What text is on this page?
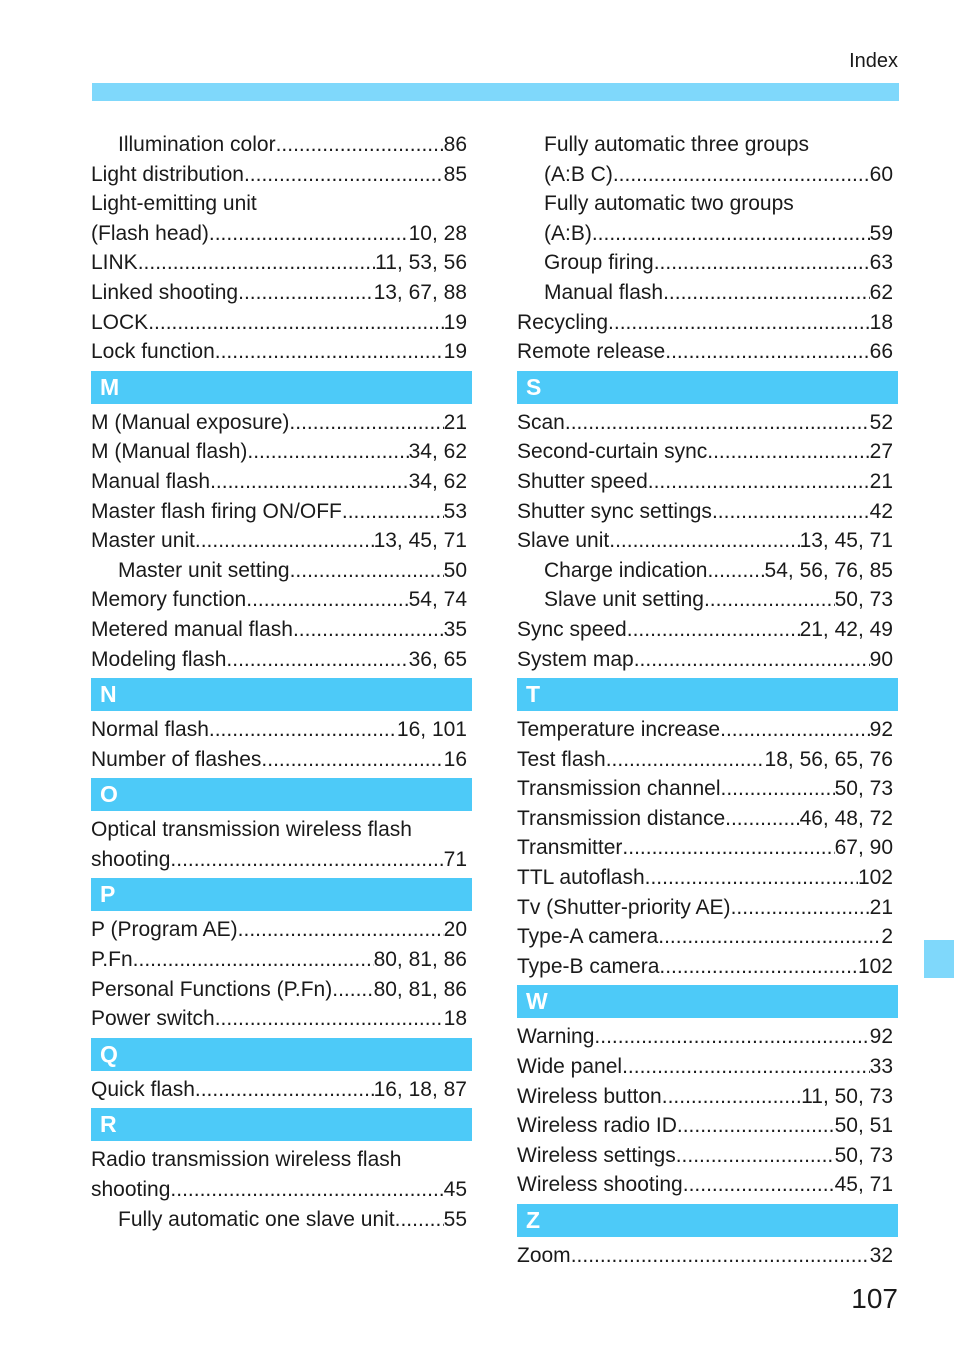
Index
Illumination color .....	86
Light distribution .....	85
Light-emitting unit
(Flash head) .....	10, 28
LINK .....	11, 53, 56
Linked shooting .....	13, 67, 88
LOCK .....	19
Lock function .....	19
M
M (Manual exposure) .....	21
M (Manual flash) .....	34, 62
Manual flash .....	34, 62
Master flash firing ON/OFF .....	53
Master unit .....	13, 45, 71
Master unit setting .....	50
Memory function .....	54, 74
Metered manual flash .....	35
Modeling flash .....	36, 65
N
Normal flash .....	16, 101
Number of flashes .....	16
O
Optical transmission wireless flash
shooting .....	71
P
P (Program AE) .....	20
P.Fn .....	80, 81, 86
Personal Functions (P.Fn) ..... 80, 81, 86
Power switch .....	18
Q
Quick flash .....	16, 18, 87
R
Radio transmission wireless flash
shooting .....	45
Fully automatic one slave unit ..... 55
Fully automatic three groups
(A:B C) .....	60
Fully automatic two groups
(A:B) .....	59
Group firing .....	63
Manual flash .....	62
Recycling .....	18
Remote release .....	66
S
Scan .....	52
Second-curtain sync .....	27
Shutter speed .....	21
Shutter sync settings .....	42
Slave unit .....	13, 45, 71
Charge indication .....	54, 56, 76, 85
Slave unit setting .....	50, 73
Sync speed .....	21, 42, 49
System map .....	90
T
Temperature increase .....	92
Test flash .....	18, 56, 65, 76
Transmission channel .....	50, 73
Transmission distance .....	46, 48, 72
Transmitter .....	67, 90
TTL autoflash .....	102
Tv (Shutter-priority AE) .....	21
Type-A camera .....	2
Type-B camera .....	102
W
Warning .....	92
Wide panel .....	33
Wireless button .....	11, 50, 73
Wireless radio ID .....	50, 51
Wireless settings .....	50, 73
Wireless shooting .....	45, 71
Z
Zoom .....	32
107
